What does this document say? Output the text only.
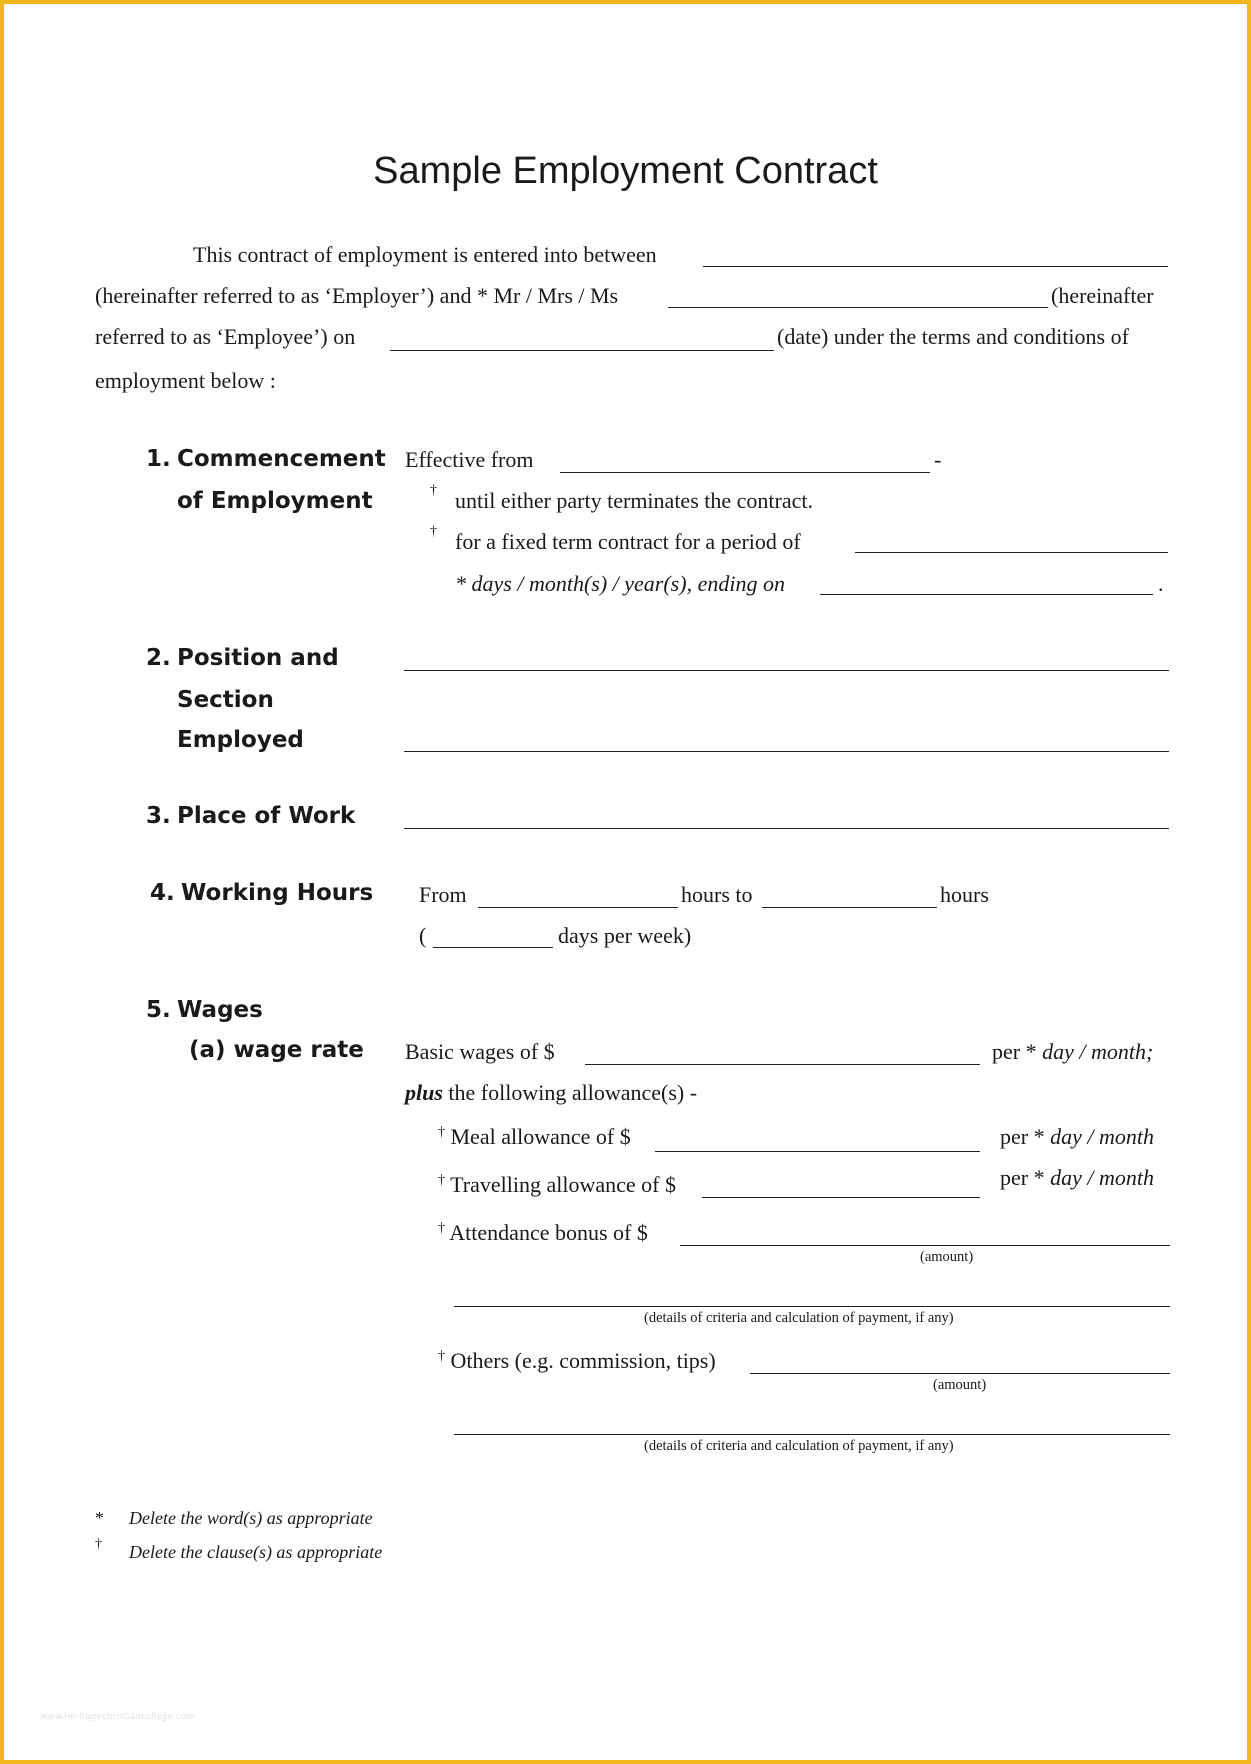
Sample Employment Contract
This contract of employment is entered into between
(hereinafter referred to as ‘Employer’) and * Mr / Mrs / Ms	(hereinafter
referred to as ‘Employee’) on	(date) under the terms and conditions of
employment below :
1. Commencement
of Employment
Effective from	-
† until either party terminates the contract.
† for a fixed term contract for a period of
* days / month(s) / year(s), ending on	.
2. Position and
Section
Employed
3. Place of Work
4. Working Hours From	hours to	hours
(	days per week)
5. Wages
(a) wage rate Basic wages of $	per * day / month;
plus the following allowance(s) -
† Meal allowance of $	per * day / month
† Travelling allowance of $	per * day / month
† Attendance bonus of $
(amount)
(details of criteria and calculation of payment, if any)
† Others (e.g. commission, tips)
(amount)
(details of criteria and calculation of payment, if any)
* Delete the word(s) as appropriate
† Delete the clause(s) as appropriate
www.heritagechristiancollege.com
